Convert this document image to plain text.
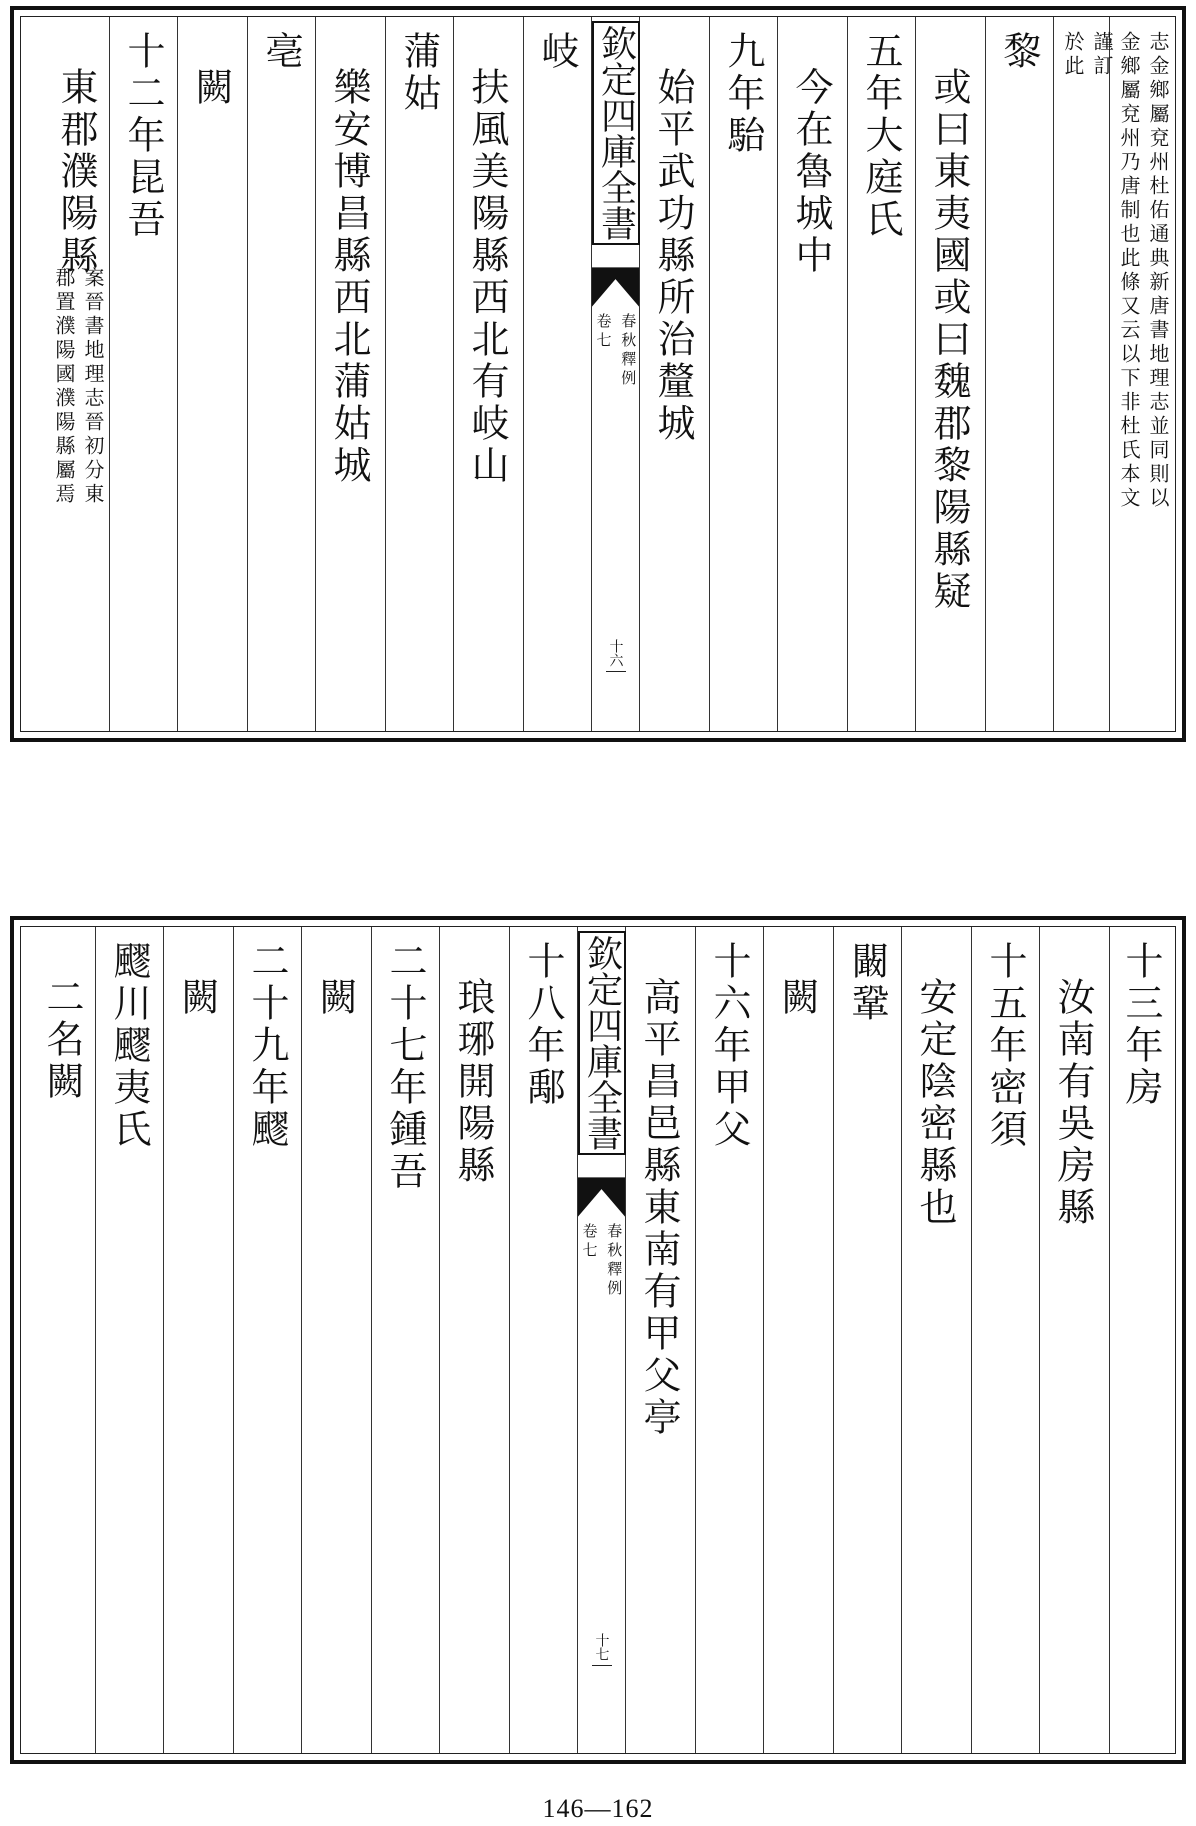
志金鄉屬兗州杜佑通典新唐書地理志並同則以
金鄉屬兗州乃唐制也此條又云以下非杜氏本文
謹訂
於此
黎
或曰東夷國或曰魏郡黎陽縣疑
五年大庭氏
今在魯城中
九年駘
始平武功縣所治釐城
欽定四庫全書
春秋釋例
卷七
十六
岐
扶風美陽縣西北有岐山
蒲姑
樂安博昌縣西北蒲姑城
亳
闕
十二年昆吾
東郡濮陽縣
案晉書地理志晉初分東
郡置濮陽國濮陽縣屬焉
十三年房
汝南有吳房縣
十五年密須
安定陰密縣也
闞鞏
闕
十六年甲父
高平昌邑縣東南有甲父亭
欽定四庫全書
春秋釋例
卷七
十七
十八年鄅
琅琊開陽縣
二十七年鍾吾
闕
二十九年飂
闕
飂川飂夷氏
二名闕
146—162
